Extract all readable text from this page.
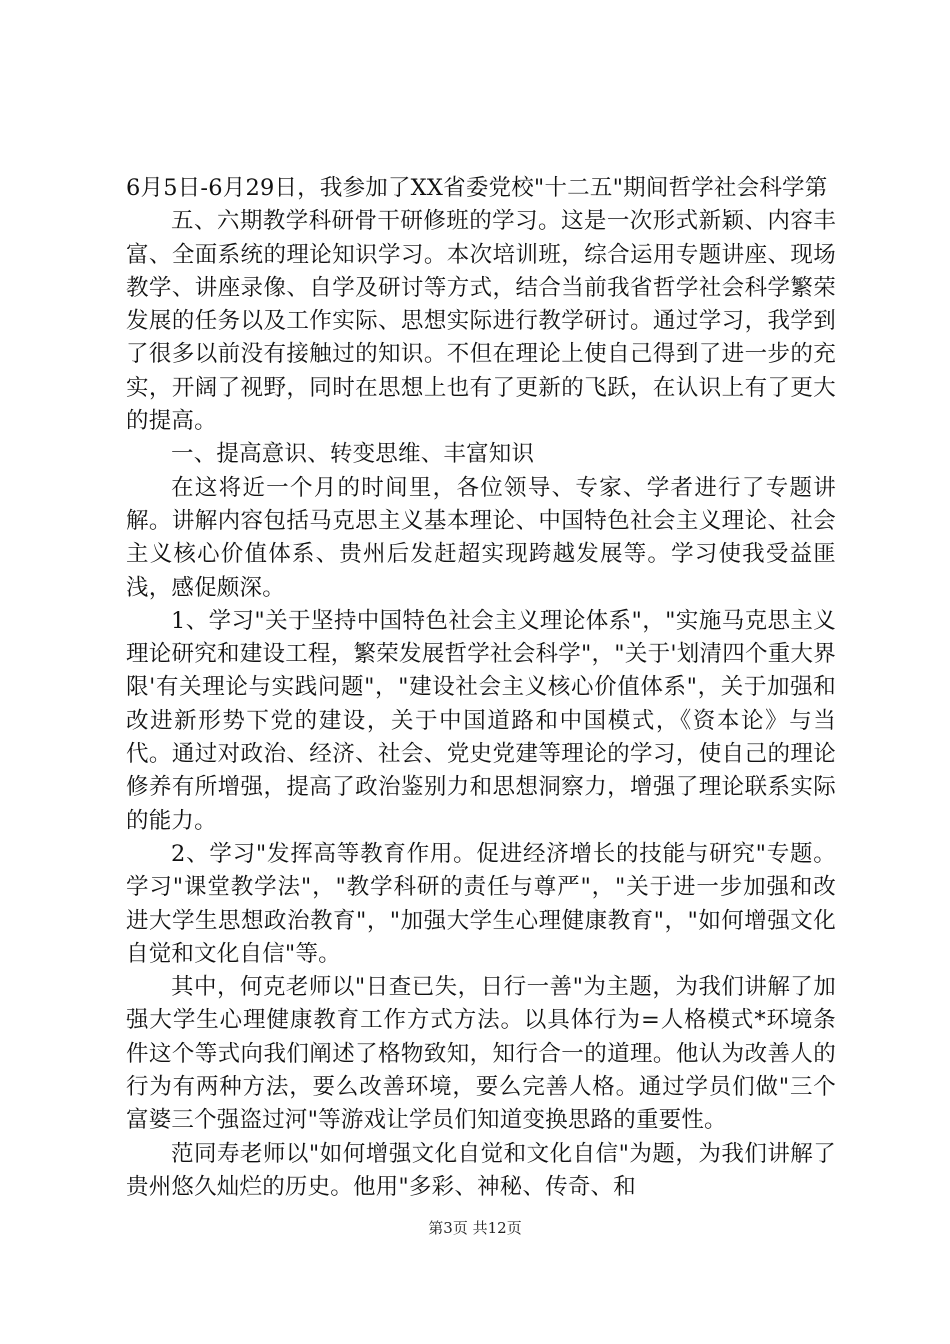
6月5日-6月29日，我参加了XX省委党校"十二五"期间哲学社会科学第

五、六期教学科研骨干研修班的学习。这是一次形式新颖、内容丰富、全面系统的理论知识学习。本次培训班，综合运用专题讲座、现场教学、讲座录像、自学及研讨等方式，结合当前我省哲学社会科学繁荣发展的任务以及工作实际、思想实际进行教学研讨。通过学习，我学到了很多以前没有接触过的知识。不但在理论上使自己得到了进一步的充实，开阔了视野，同时在思想上也有了更新的飞跃，在认识上有了更大的提高。

一、提高意识、转变思维、丰富知识

在这将近一个月的时间里，各位领导、专家、学者进行了专题讲解。讲解内容包括马克思主义基本理论、中国特色社会主义理论、社会主义核心价值体系、贵州后发赶超实现跨越发展等。学习使我受益匪浅，感促颇深。

1、学习"关于坚持中国特色社会主义理论体系"，"实施马克思主义理论研究和建设工程，繁荣发展哲学社会科学"，"关于'划清四个重大界限'有关理论与实践问题"，"建设社会主义核心价值体系"，关于加强和改进新形势下党的建设，关于中国道路和中国模式，《资本论》与当代。通过对政治、经济、社会、党史党建等理论的学习，使自己的理论修养有所增强，提高了政治鉴别力和思想洞察力，增强了理论联系实际的能力。

2、学习"发挥高等教育作用。促进经济增长的技能与研究"专题。学习"课堂教学法"，"教学科研的责任与尊严"，"关于进一步加强和改进大学生思想政治教育"，"加强大学生心理健康教育"，"如何增强文化自觉和文化自信"等。

其中，何克老师以"日查已失，日行一善"为主题，为我们讲解了加强大学生心理健康教育工作方式方法。以具体行为=人格模式*环境条件这个等式向我们阐述了格物致知，知行合一的道理。他认为改善人的行为有两种方法，要么改善环境，要么完善人格。通过学员们做"三个富婆三个强盗过河"等游戏让学员们知道变换思路的重要性。

范同寿老师以"如何增强文化自觉和文化自信"为题，为我们讲解了贵州悠久灿烂的历史。他用"多彩、神秘、传奇、和

第3页 共12页
